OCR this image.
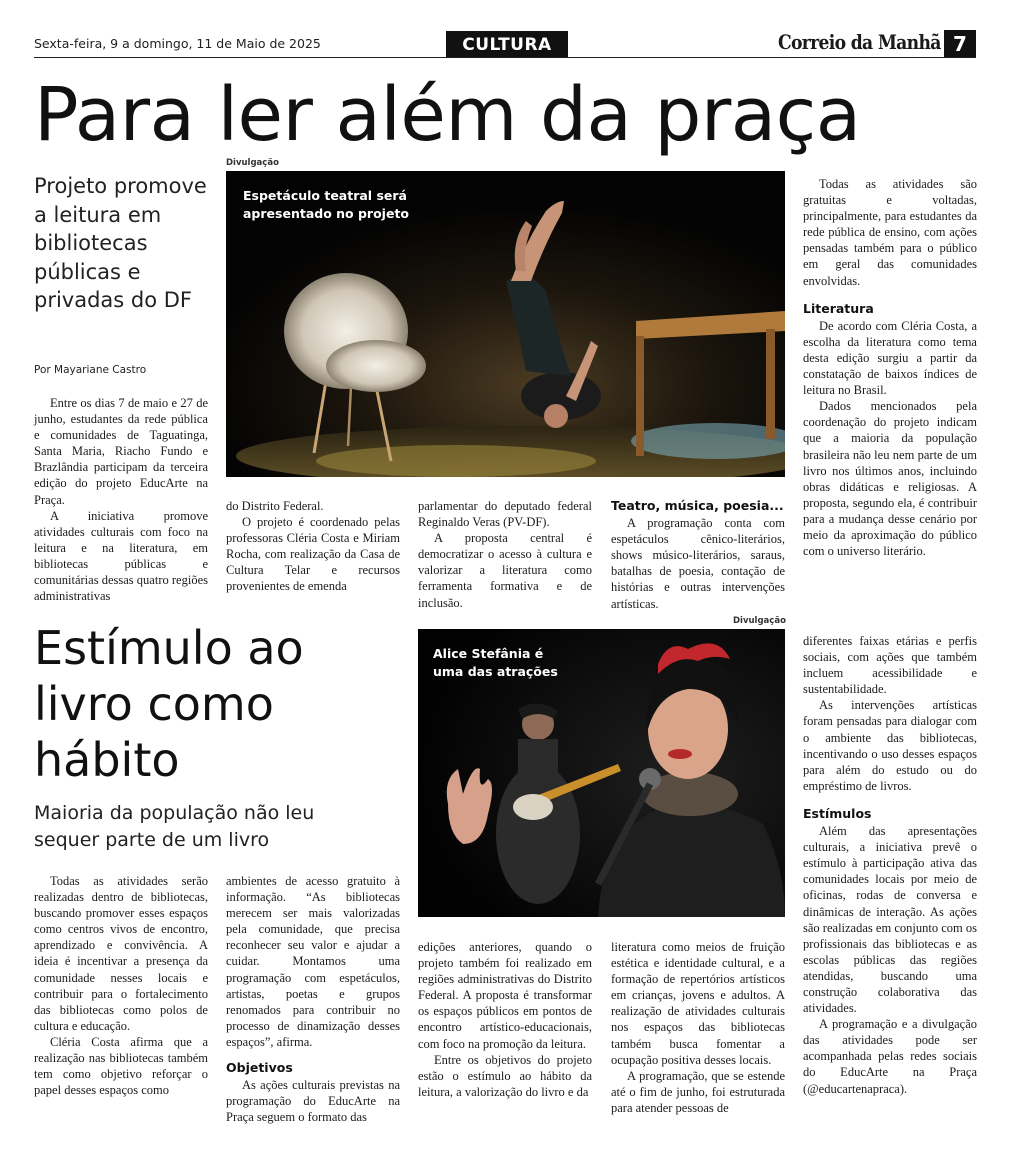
Sexta-feira, 9 a domingo, 11 de Maio de 2025	CULTURA	Correio da Manhã 7
Para ler além da praça
Projeto promove a leitura em bibliotecas públicas e privadas do DF
Por Mayariane Castro
Divulgação
Espetáculo teatral será apresentado no projeto

Entre os dias 7 de maio e 27 de junho, estudantes da rede pública e comunidades de Taguatinga, Santa Maria, Riacho Fundo e Brazlândia participam da terceira edição do projeto EducArte na Praça.

A iniciativa promove atividades culturais com foco na leitura e na literatura, em bibliotecas públicas e comunitárias dessas quatro regiões administrativas

do Distrito Federal.

O projeto é coordenado pelas professoras Cléria Costa e Miriam Rocha, com realização da Casa de Cultura Telar e recursos provenientes de emenda

parlamentar do deputado federal Reginaldo Veras (PV-DF).

A proposta central é democratizar o acesso à cultura e valorizar a literatura como ferramenta formativa e de inclusão.

Teatro, música, poesia...

A programação conta com espetáculos cênico-literários, shows músico-literários, saraus, batalhas de poesia, contação de histórias e outras intervenções artísticas.

Todas as atividades são gratuitas e voltadas, principalmente, para estudantes da rede pública de ensino, com ações pensadas também para o público em geral das comunidades envolvidas.

Literatura

De acordo com Cléria Costa, a escolha da literatura como tema desta edição surgiu a partir da constatação de baixos índices de leitura no Brasil.

Dados mencionados pela coordenação do projeto indicam que a maioria da população brasileira não leu nem parte de um livro nos últimos anos, incluindo obras didáticas e religiosas. A proposta, segundo ela, é contribuir para a mudança desse cenário por meio da aproximação do público com o universo literário.

Estímulo ao livro como hábito
Maioria da população não leu sequer parte de um livro
Divulgação
Alice Stefânia é uma das atrações

Todas as atividades serão realizadas dentro de bibliotecas, buscando promover esses espaços como centros vivos de encontro, aprendizado e convivência. A ideia é incentivar a presença da comunidade nesses locais e contribuir para o fortalecimento das bibliotecas como polos de cultura e educação.

Cléria Costa afirma que a realização nas bibliotecas também tem como objetivo reforçar o papel desses espaços como

ambientes de acesso gratuito à informação. “As bibliotecas merecem ser mais valorizadas pela comunidade, que precisa reconhecer seu valor e ajudar a cuidar. Montamos uma programação com espetáculos, artistas, poetas e grupos renomados para contribuir no processo de dinamização desses espaços”, afirma.

Objetivos

As ações culturais previstas na programação do EducArte na Praça seguem o formato das

edições anteriores, quando o projeto também foi realizado em regiões administrativas do Distrito Federal. A proposta é transformar os espaços públicos em pontos de encontro artístico-educacionais, com foco na promoção da leitura.

Entre os objetivos do projeto estão o estímulo ao hábito da leitura, a valorização do livro e da

literatura como meios de fruição estética e identidade cultural, e a formação de repertórios artísticos em crianças, jovens e adultos. A realização de atividades culturais nos espaços das bibliotecas também busca fomentar a ocupação positiva desses locais.

A programação, que se estende até o fim de junho, foi estruturada para atender pessoas de

diferentes faixas etárias e perfis sociais, com ações que também incluem acessibilidade e sustentabilidade.

As intervenções artísticas foram pensadas para dialogar com o ambiente das bibliotecas, incentivando o uso desses espaços para além do estudo ou do empréstimo de livros.

Estímulos

Além das apresentações culturais, a iniciativa prevê o estímulo à participação ativa das comunidades locais por meio de oficinas, rodas de conversa e dinâmicas de interação. As ações são realizadas em conjunto com os profissionais das bibliotecas e as escolas públicas das regiões atendidas, buscando uma construção colaborativa das atividades.

A programação e a divulgação das atividades pode ser acompanhada pelas redes sociais do EducArte na Praça (@educartenapraca).
